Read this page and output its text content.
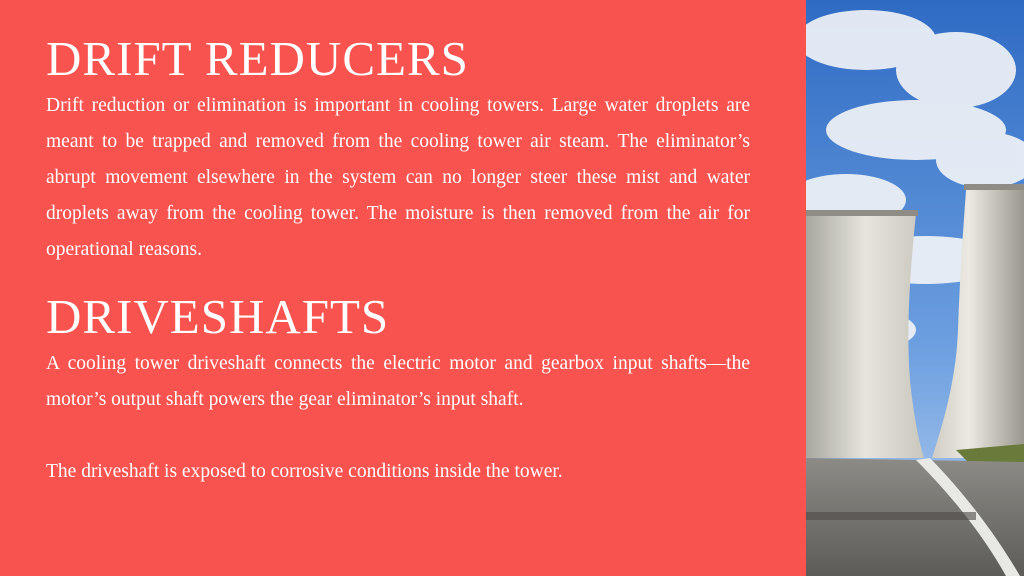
DRIFT REDUCERS

Drift reduction or elimination is important in cooling towers. Large water droplets are meant to be trapped and removed from the cooling tower air steam. The eliminator’s abrupt movement elsewhere in the system can no longer steer these mist and water droplets away from the cooling tower. The moisture is then removed from the air for operational reasons.

DRIVESHAFTS

A cooling tower driveshaft connects the electric motor and gearbox input shafts—the motor’s output shaft powers the gear eliminator’s input shaft.

The driveshaft is exposed to corrosive conditions inside the tower.
